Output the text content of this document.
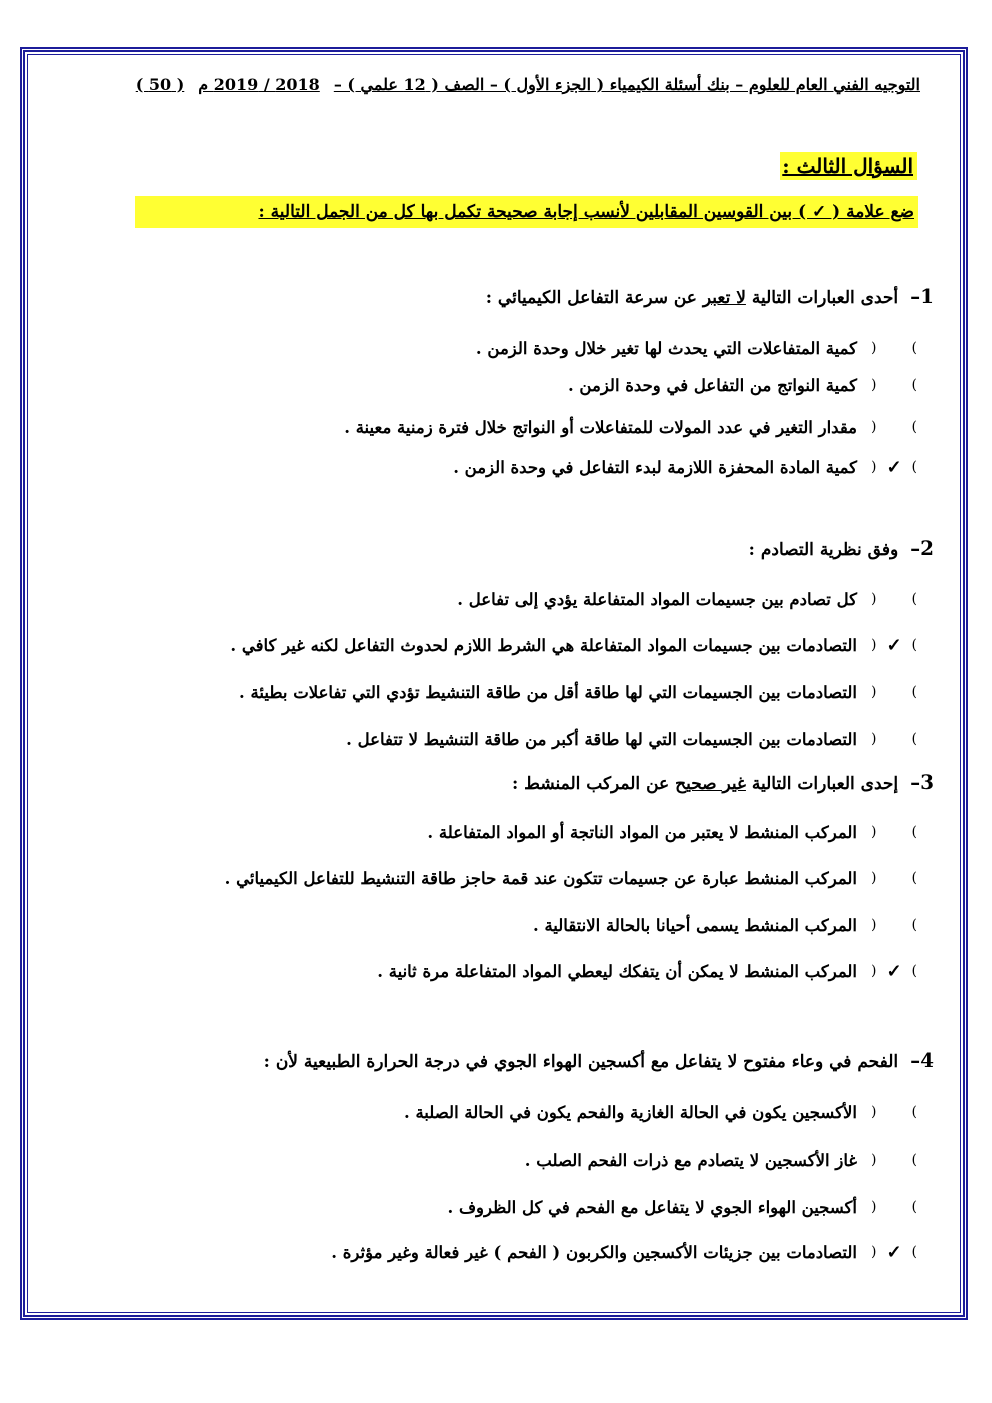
التوجيه الفني العام للعلوم – بنك أسئلة الكيمياء ( الجزء الأول ) – الصف ( 12 علمي ) –
2018 / 2019 م
( 50 )
السؤال الثالث :
ضع علامة ( ✓ ) بين القوسين المقابلين لأنسب إجابة صحيحة تكمل بها كل من الجمل التالية :
1– أحدى العبارات التالية لا تعبر عن سرعة التفاعل الكيميائي :
)
(
كمية المتفاعلات التي يحدث لها تغير خلال وحدة الزمن .
)
(
كمية النواتج من التفاعل في وحدة الزمن .
)
(
مقدار التغير في عدد المولات للمتفاعلات أو النواتج خلال فترة زمنية معينة .
)
✓
(
كمية المادة المحفزة اللازمة لبدء التفاعل في وحدة الزمن .
2– وفق نظرية التصادم :
)
(
كل تصادم بين جسيمات المواد المتفاعلة يؤدي إلى تفاعل .
)
✓
(
التصادمات بين جسيمات المواد المتفاعلة هي الشرط اللازم لحدوث التفاعل لكنه غير كافي .
)
(
التصادمات بين الجسيمات التي لها طاقة أقل من طاقة التنشيط تؤدي التي تفاعلات بطيئة .
)
(
التصادمات بين الجسيمات التي لها طاقة أكبر من طاقة التنشيط لا تتفاعل .
3– إحدى العبارات التالية غير صحيح عن المركب المنشط :
)
(
المركب المنشط لا يعتبر من المواد الناتجة أو المواد المتفاعلة .
)
(
المركب المنشط عبارة عن جسيمات تتكون عند قمة حاجز طاقة التنشيط للتفاعل الكيميائي .
)
(
المركب المنشط يسمى أحيانا بالحالة الانتقالية .
)
✓
(
المركب المنشط لا يمكن أن يتفكك ليعطي المواد المتفاعلة مرة ثانية .
4– الفحم في وعاء مفتوح لا يتفاعل مع أكسجين الهواء الجوي في درجة الحرارة الطبيعية لأن :
)
(
الأكسجين يكون في الحالة الغازية والفحم يكون في الحالة الصلبة .
)
(
غاز الأكسجين لا يتصادم مع ذرات الفحم الصلب .
)
(
أكسجين الهواء الجوي لا يتفاعل مع الفحم في كل الظروف .
)
✓
(
التصادمات بين جزيئات الأكسجين والكربون ( الفحم ) غير فعالة وغير مؤثرة .
